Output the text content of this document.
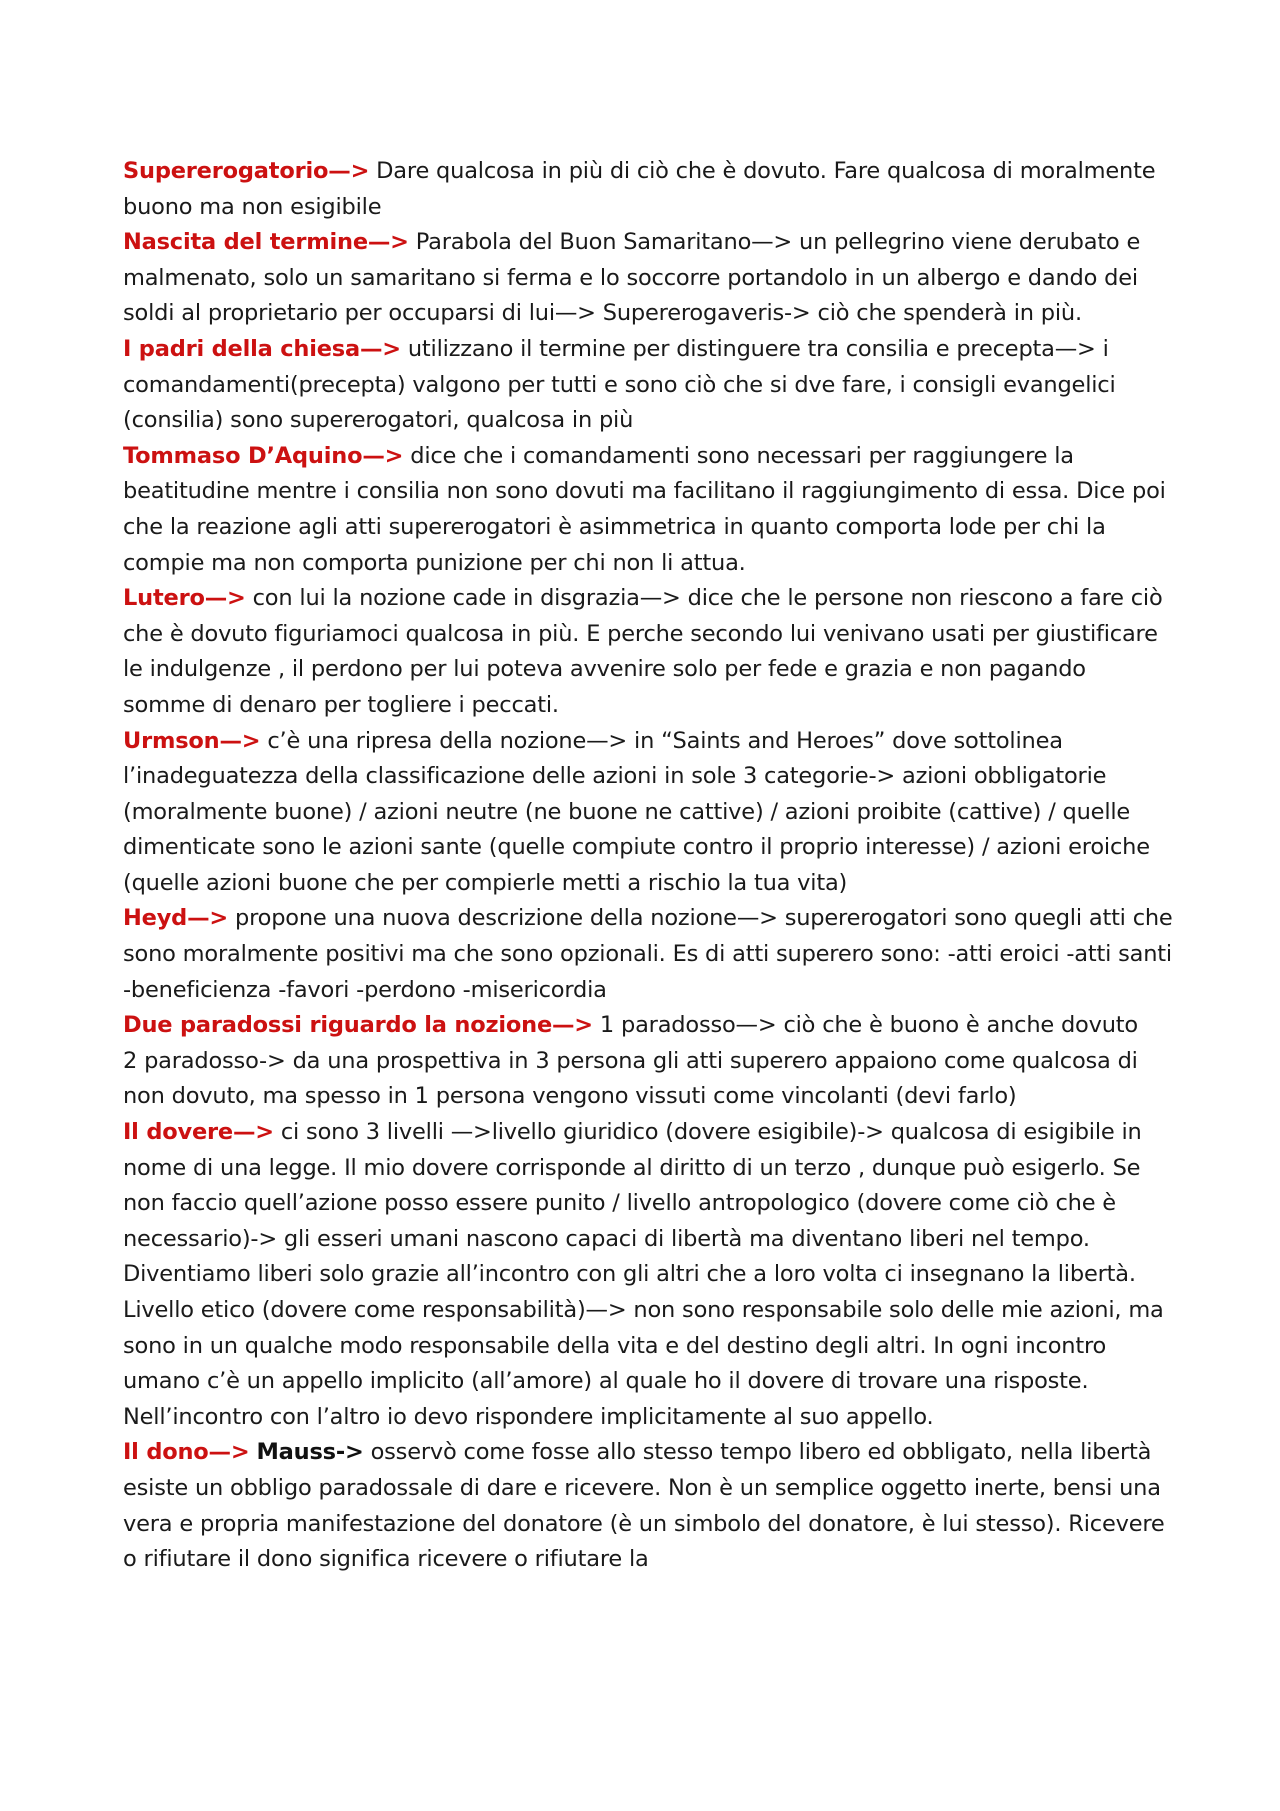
Supererogatorio—> Dare qualcosa in più di ciò che è dovuto. Fare qualcosa di moralmente buono ma non esigibile

Nascita del termine—> Parabola del Buon Samaritano—> un pellegrino viene derubato e malmenato, solo un samaritano si ferma e lo soccorre portandolo in un albergo e dando dei soldi al proprietario per occuparsi di lui—> Supererogaveris-> ciò che spenderà in più.

I padri della chiesa—> utilizzano il termine per distinguere tra consilia e precepta—> i comandamenti(precepta) valgono per tutti e sono ciò che si dve fare, i consigli evangelici (consilia) sono supererogatori, qualcosa in più

Tommaso D’Aquino—> dice che i comandamenti sono necessari per raggiungere la beatitudine mentre i consilia non sono dovuti ma facilitano il raggiungimento di essa. Dice poi che la reazione agli atti supererogatori è asimmetrica in quanto comporta lode per chi la compie ma non comporta punizione per chi non li attua.

Lutero—> con lui la nozione cade in disgrazia—> dice che le persone non riescono a fare ciò che è dovuto figuriamoci qualcosa in più. E perche secondo lui venivano usati per giustificare le indulgenze , il perdono per lui poteva avvenire solo per fede e grazia e non pagando somme di denaro per togliere i peccati.

Urmson—> c’è una ripresa della nozione—> in “Saints and Heroes” dove sottolinea l’inadeguatezza della classificazione delle azioni in sole 3 categorie-> azioni obbligatorie (moralmente buone) / azioni neutre (ne buone ne cattive) / azioni proibite (cattive) / quelle dimenticate sono le azioni sante (quelle compiute contro il proprio interesse) / azioni eroiche (quelle azioni buone che per compierle metti a rischio la tua vita)

Heyd—> propone una nuova descrizione della nozione—> supererogatori sono quegli atti che sono moralmente positivi ma che sono opzionali. Es di atti superero sono: -atti eroici -atti santi -beneficienza -favori -perdono -misericordia

Due paradossi riguardo la nozione—> 1 paradosso—> ciò che è buono è anche dovuto

2 paradosso-> da una prospettiva in 3 persona gli atti superero appaiono come qualcosa di non dovuto, ma spesso in 1 persona vengono vissuti come vincolanti (devi farlo)

Il dovere—> ci sono 3 livelli —>livello giuridico (dovere esigibile)-> qualcosa di esigibile in nome di una legge. Il mio dovere corrisponde al diritto di un terzo , dunque può esigerlo. Se non faccio quell’azione posso essere punito / livello antropologico (dovere come ciò che è necessario)-> gli esseri umani nascono capaci di libertà ma diventano liberi nel tempo. Diventiamo liberi solo grazie all’incontro con gli altri che a loro volta ci insegnano la libertà.

Livello etico (dovere come responsabilità)—> non sono responsabile solo delle mie azioni, ma sono in un qualche modo responsabile della vita e del destino degli altri. In ogni incontro umano c’è un appello implicito (all’amore) al quale ho il dovere di trovare una risposte. Nell’incontro con l’altro io devo rispondere implicitamente al suo appello.

Il dono—> Mauss-> osservò come fosse allo stesso tempo libero ed obbligato, nella libertà esiste un obbligo paradossale di dare e ricevere. Non è un semplice oggetto inerte, bensi una vera e propria manifestazione del donatore (è un simbolo del donatore, è lui stesso). Ricevere o rifiutare il dono significa ricevere o rifiutare la
